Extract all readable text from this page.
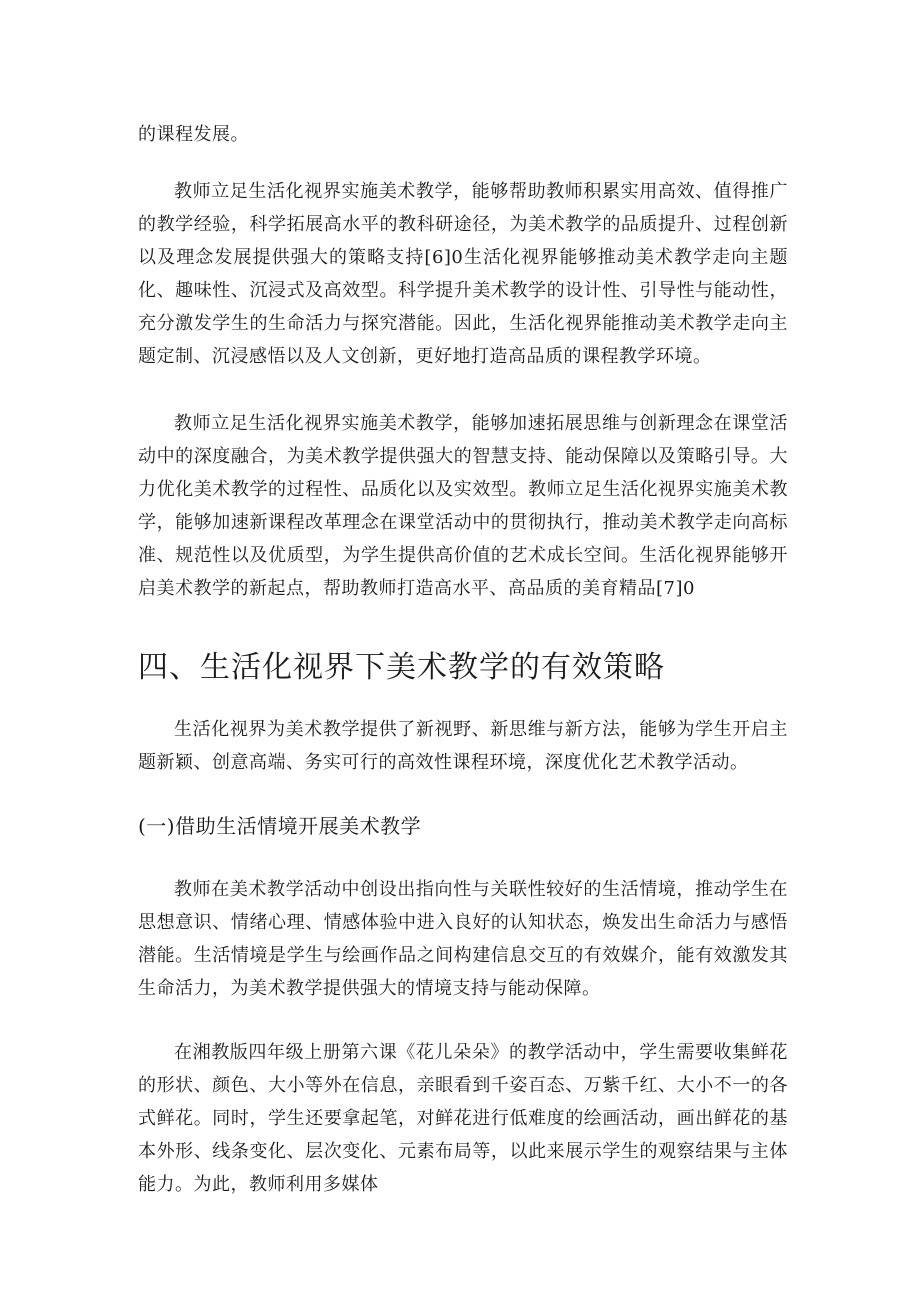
的课程发展。

教师立足生活化视界实施美术教学，能够帮助教师积累实用高效、值得推广的教学经验，科学拓展高水平的教科研途径，为美术教学的品质提升、过程创新以及理念发展提供强大的策略支持[6]0生活化视界能够推动美术教学走向主题化、趣味性、沉浸式及高效型。科学提升美术教学的设计性、引导性与能动性，充分激发学生的生命活力与探究潜能。因此，生活化视界能推动美术教学走向主题定制、沉浸感悟以及人文创新，更好地打造高品质的课程教学环境。

教师立足生活化视界实施美术教学，能够加速拓展思维与创新理念在课堂活动中的深度融合，为美术教学提供强大的智慧支持、能动保障以及策略引导。大力优化美术教学的过程性、品质化以及实效型。教师立足生活化视界实施美术教学，能够加速新课程改革理念在课堂活动中的贯彻执行，推动美术教学走向高标准、规范性以及优质型，为学生提供高价值的艺术成长空间。生活化视界能够开启美术教学的新起点，帮助教师打造高水平、高品质的美育精品[7]0

四、生活化视界下美术教学的有效策略

生活化视界为美术教学提供了新视野、新思维与新方法，能够为学生开启主题新颖、创意高端、务实可行的高效性课程环境，深度优化艺术教学活动。

(一)借助生活情境开展美术教学

教师在美术教学活动中创设出指向性与关联性较好的生活情境，推动学生在思想意识、情绪心理、情感体验中进入良好的认知状态，焕发出生命活力与感悟潜能。生活情境是学生与绘画作品之间构建信息交互的有效媒介，能有效激发其生命活力，为美术教学提供强大的情境支持与能动保障。

在湘教版四年级上册第六课《花儿朵朵》的教学活动中，学生需要收集鲜花的形状、颜色、大小等外在信息，亲眼看到千姿百态、万紫千红、大小不一的各式鲜花。同时，学生还要拿起笔，对鲜花进行低难度的绘画活动，画出鲜花的基本外形、线条变化、层次变化、元素布局等，以此来展示学生的观察结果与主体能力。为此，教师利用多媒体
